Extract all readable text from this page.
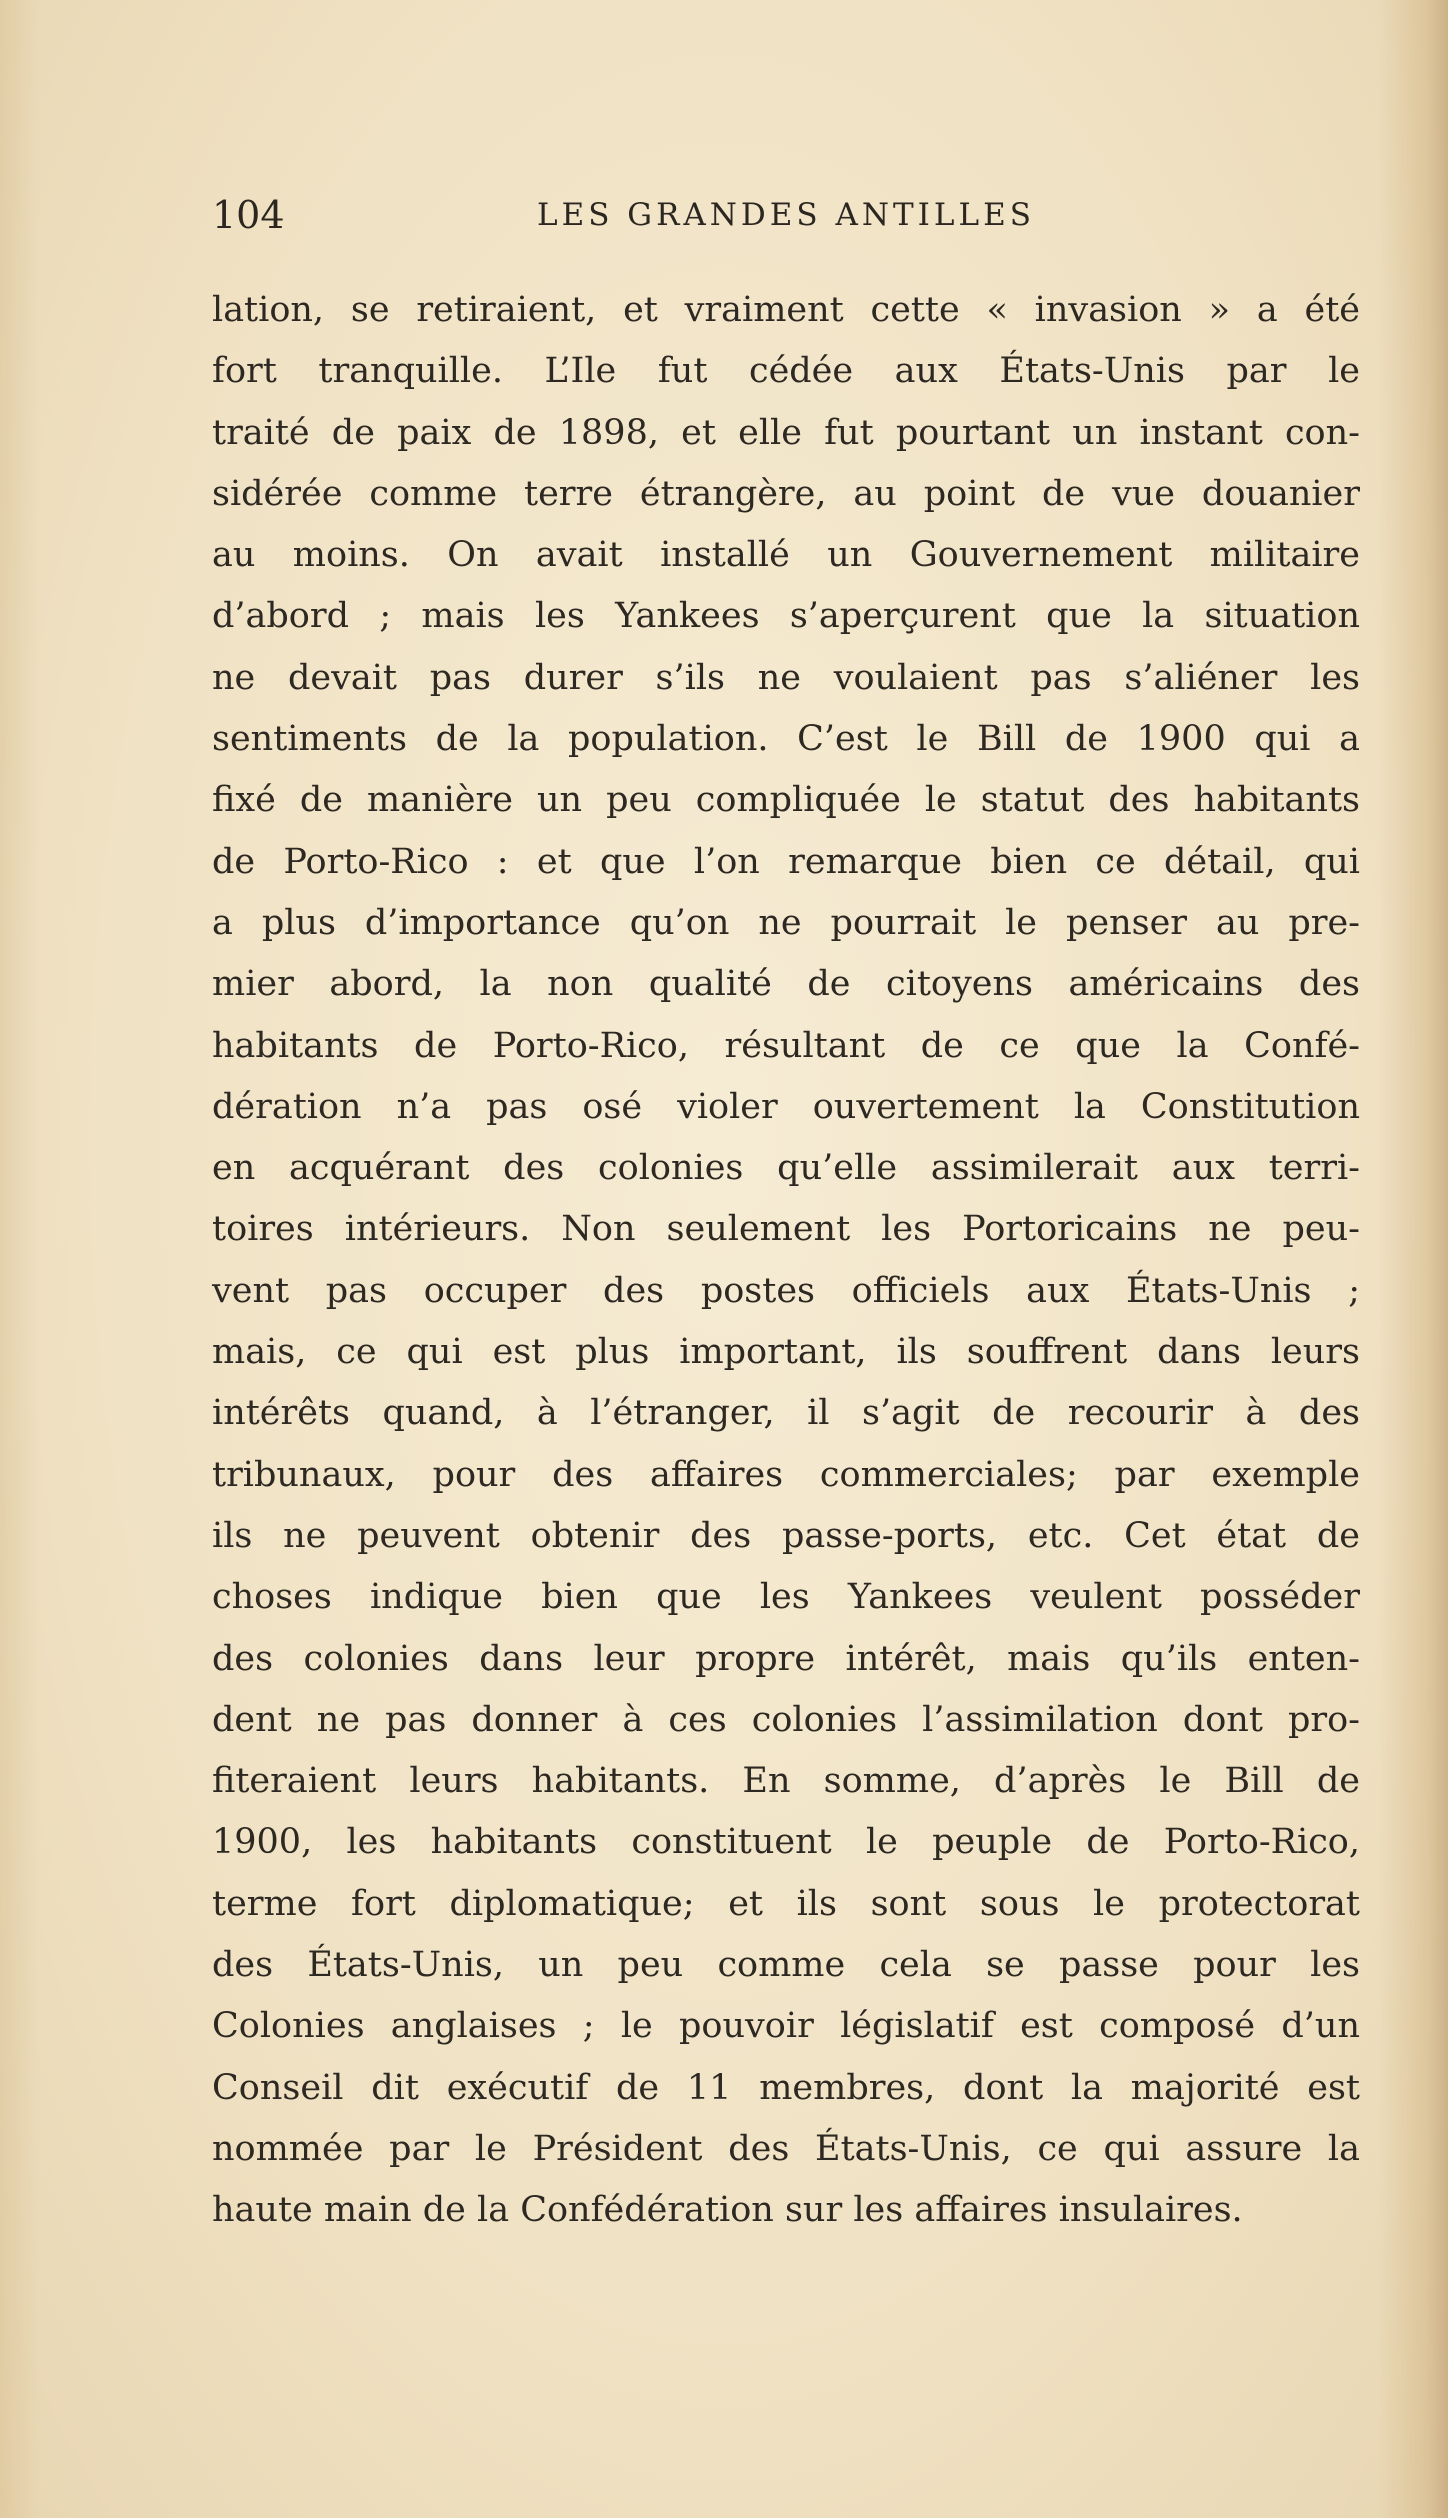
104	LES GRANDES ANTILLES
lation, se retiraient, et vraiment cette « invasion » a été
fort tranquille. L’Ile fut cédée aux États-Unis par le
traité de paix de 1898, et elle fut pourtant un instant con-
sidérée comme terre étrangère, au point de vue douanier
au moins. On avait installé un Gouvernement militaire
d’abord ; mais les Yankees s’aperçurent que la situation
ne devait pas durer s’ils ne voulaient pas s’aliéner les
sentiments de la population. C’est le Bill de 1900 qui a
fixé de manière un peu compliquée le statut des habitants
de Porto-Rico : et que l’on remarque bien ce détail, qui
a plus d’importance qu’on ne pourrait le penser au pre-
mier abord, la non qualité de citoyens américains des
habitants de Porto-Rico, résultant de ce que la Confé-
dération n’a pas osé violer ouvertement la Constitution
en acquérant des colonies qu’elle assimilerait aux terri-
toires intérieurs. Non seulement les Portoricains ne peu-
vent pas occuper des postes officiels aux États-Unis ;
mais, ce qui est plus important, ils souffrent dans leurs
intérêts quand, à l’étranger, il s’agit de recourir à des
tribunaux, pour des affaires commerciales; par exemple
ils ne peuvent obtenir des passe-ports, etc. Cet état de
choses indique bien que les Yankees veulent posséder
des colonies dans leur propre intérêt, mais qu’ils enten-
dent ne pas donner à ces colonies l’assimilation dont pro-
fiteraient leurs habitants. En somme, d’après le Bill de
1900, les habitants constituent le peuple de Porto-Rico,
terme fort diplomatique; et ils sont sous le protectorat
des États-Unis, un peu comme cela se passe pour les
Colonies anglaises ; le pouvoir législatif est composé d’un
Conseil dit exécutif de 11 membres, dont la majorité est
nommée par le Président des États-Unis, ce qui assure la
haute main de la Confédération sur les affaires insulaires.
